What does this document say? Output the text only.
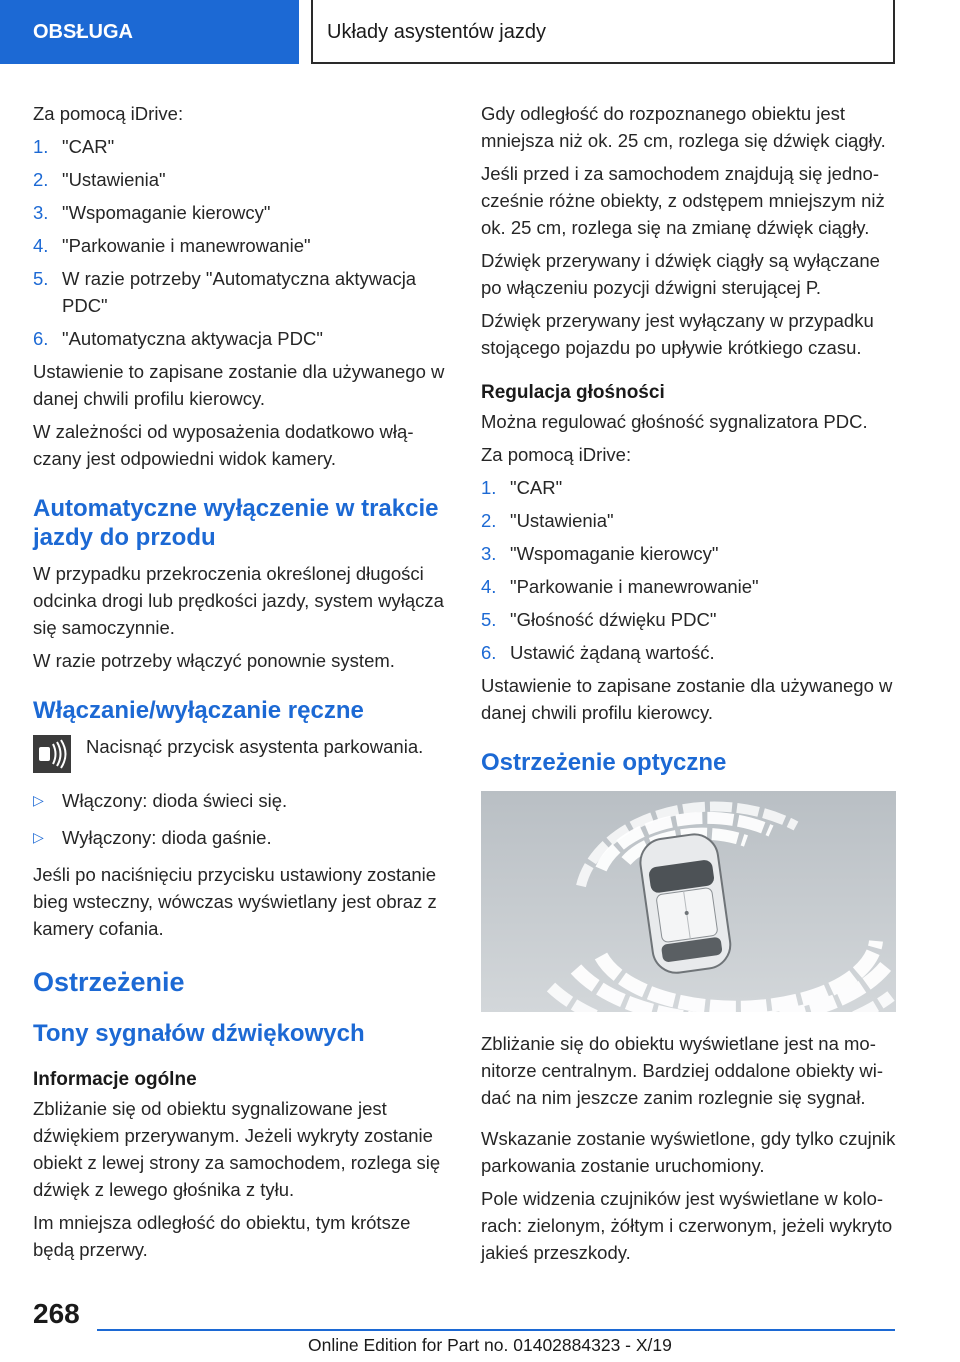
OBSŁUGA	Układy asystentów jazdy

Za pomocą iDrive:

1. "CAR"
2. "Ustawienia"
3. "Wspomaganie kierowcy"
4. "Parkowanie i manewrowanie"
5. W razie potrzeby "Automatyczna aktywacja PDC"
6. "Automatyczna aktywacja PDC"

Ustawienie to zapisane zostanie dla używanego w danej chwili profilu kierowcy.

W zależności od wyposażenia dodatkowo włączany jest odpowiedni widok kamery.

Automatyczne wyłączenie w trakcie jazdy do przodu

W przypadku przekroczenia określonej długości odcinka drogi lub prędkości jazdy, system wyłącza się samoczynnie.

W razie potrzeby włączyć ponownie system.

Włączanie/wyłączanie ręczne
Nacisnąć przycisk asystenta parkowania.
▷ Włączony: dioda świeci się.
▷ Wyłączony: dioda gaśnie.

Jeśli po naciśnięciu przycisku ustawiony zostanie bieg wsteczny, wówczas wyświetlany jest obraz z kamery cofania.

Ostrzeżenie
Tony sygnałów dźwiękowych
Informacje ogólne

Zbliżanie się od obiektu sygnalizowane jest dźwiękiem przerywanym. Jeżeli wykryty zostanie obiekt z lewej strony za samochodem, rozlega się dźwięk z lewego głośnika z tyłu.

Im mniejsza odległość do obiektu, tym krótsze będą przerwy.

Gdy odległość do rozpoznanego obiektu jest mniejsza niż ok. 25 cm, rozlega się dźwięk ciągły.

Jeśli przed i za samochodem znajdują się jednocześnie różne obiekty, z odstępem mniejszym niż ok. 25 cm, rozlega się na zmianę dźwięk ciągły.

Dźwięk przerywany i dźwięk ciągły są wyłączane po włączeniu pozycji dźwigni sterującej P.

Dźwięk przerywany jest wyłączany w przypadku stojącego pojazdu po upływie krótkiego czasu.

Regulacja głośności

Można regulować głośność sygnalizatora PDC.

Za pomocą iDrive:

1. "CAR"
2. "Ustawienia"
3. "Wspomaganie kierowcy"
4. "Parkowanie i manewrowanie"
5. "Głośność dźwięku PDC"
6. Ustawić żądaną wartość.

Ustawienie to zapisane zostanie dla używanego w danej chwili profilu kierowcy.

Ostrzeżenie optyczne

Zbliżanie się do obiektu wyświetlane jest na monitorze centralnym. Bardziej oddalone obiekty widać na nim jeszcze zanim rozlegnie się sygnał.

Wskazanie zostanie wyświetlone, gdy tylko czujnik parkowania zostanie uruchomiony.

Pole widzenia czujników jest wyświetlane w kolorach: zielonym, żółtym i czerwonym, jeżeli wykryto jakieś przeszkody.

268
Online Edition for Part no. 01402884323 - X/19
